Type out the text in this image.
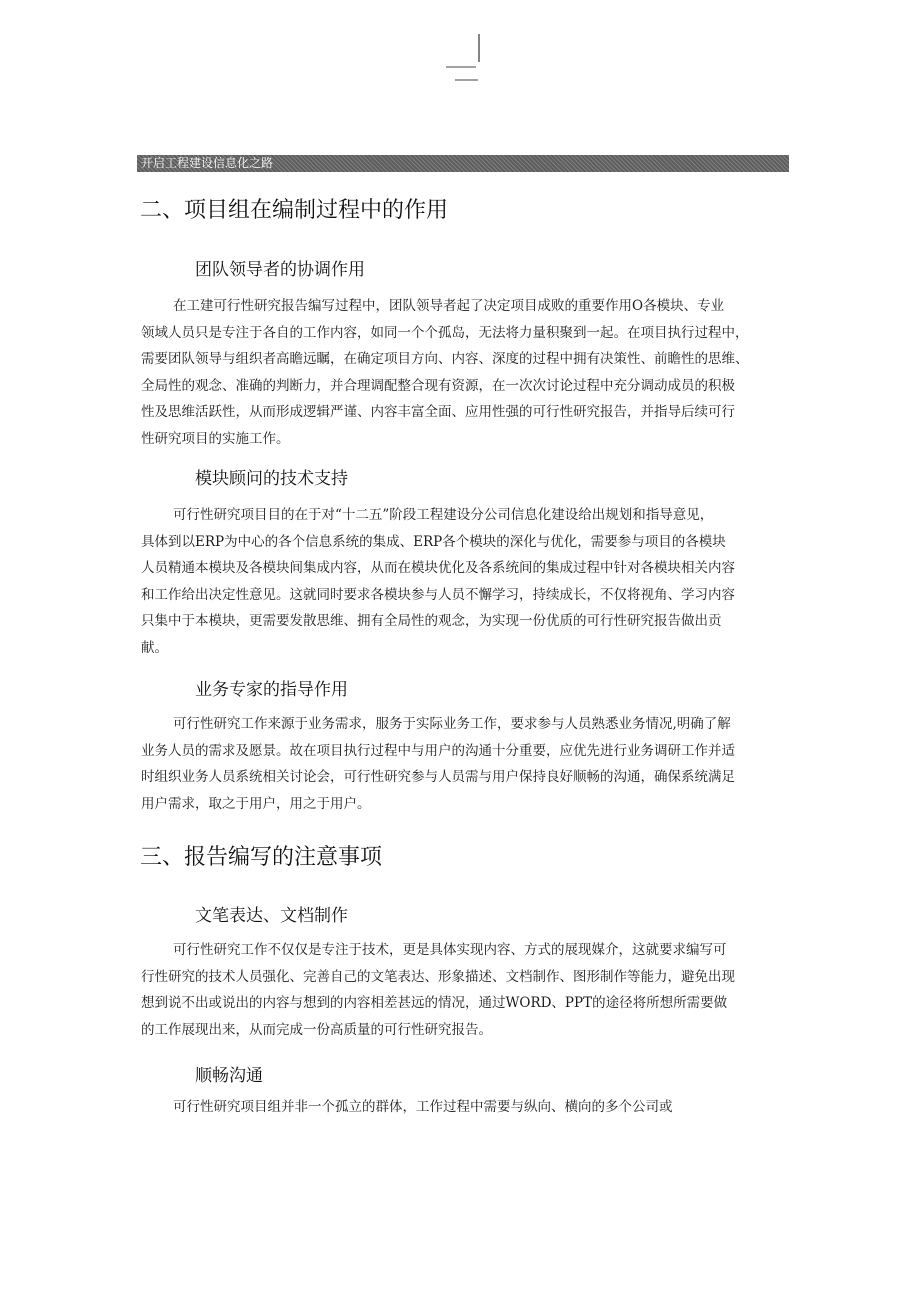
开启工程建设信息化之路
二、项目组在编制过程中的作用
团队领导者的协调作用
在工建可行性研究报告编写过程中，团队领导者起了决定项目成败的重要作用O各模块、专业
领域人员只是专注于各自的工作内容，如同一个个孤岛，无法将力量积聚到一起。在项目执行过程中，
需要团队领导与组织者高瞻远瞩，在确定项目方向、内容、深度的过程中拥有决策性、前瞻性的思维、
全局性的观念、准确的判断力，并合理调配整合现有资源，在一次次讨论过程中充分调动成员的积极
性及思维活跃性，从而形成逻辑严谨、内容丰富全面、应用性强的可行性研究报告，并指导后续可行
性研究项目的实施工作。
模块顾问的技术支持
可行性研究项目目的在于对“十二五”阶段工程建设分公司信息化建设给出规划和指导意见，
具体到以ERP为中心的各个信息系统的集成、ERP各个模块的深化与优化，需要参与项目的各模块
人员精通本模块及各模块间集成内容，从而在模块优化及各系统间的集成过程中针对各模块相关内容
和工作给出决定性意见。这就同时要求各模块参与人员不懈学习，持续成长，不仅将视角、学习内容
只集中于本模块，更需要发散思维、拥有全局性的观念，为实现一份优质的可行性研究报告做出贡
献。
业务专家的指导作用
可行性研究工作来源于业务需求，服务于实际业务工作，要求参与人员熟悉业务情况,明确了解
业务人员的需求及愿景。故在项目执行过程中与用户的沟通十分重要，应优先进行业务调研工作并适
时组织业务人员系统相关讨论会，可行性研究参与人员需与用户保持良好顺畅的沟通，确保系统满足
用户需求，取之于用户，用之于用户。
三、报告编写的注意事项
文笔表达、文档制作
可行性研究工作不仅仅是专注于技术，更是具体实现内容、方式的展现媒介，这就要求编写可
行性研究的技术人员强化、完善自己的文笔表达、形象描述、文档制作、图形制作等能力，避免出现
想到说不出或说出的内容与想到的内容相差甚远的情况，通过WORD、PPT的途径将所想所需要做
的工作展现出来，从而完成一份高质量的可行性研究报告。
顺畅沟通
可行性研究项目组并非一个孤立的群体，工作过程中需要与纵向、横向的多个公司或
